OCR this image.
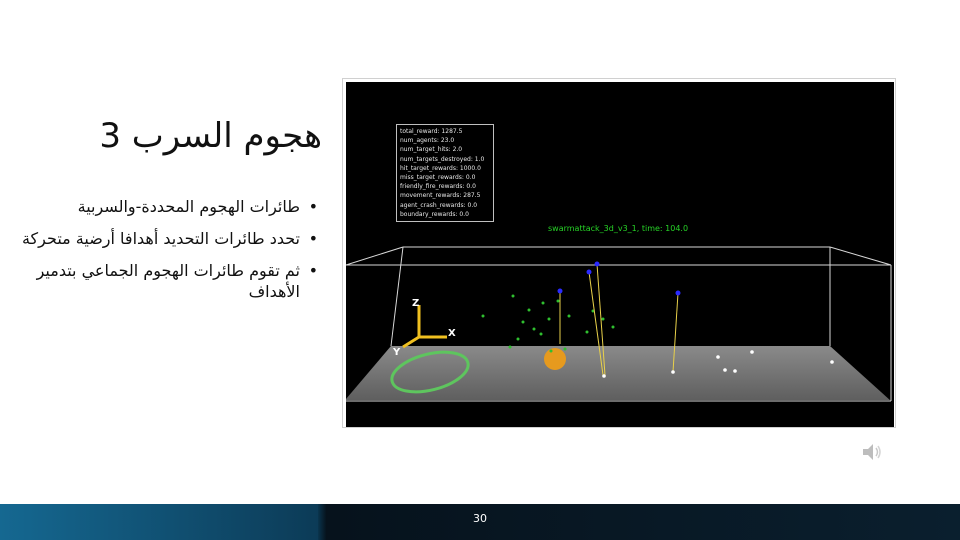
هجوم السرب 3
• طائرات الهجوم المحددة-والسربية
• تحدد طائرات التحديد أهدافا أرضية متحركة
• ثم تقوم طائرات الهجوم الجماعي بتدمير الأهداف
Z
X
Y
total_reward: 1287.5
num_agents: 23.0
num_target_hits: 2.0
num_targets_destroyed: 1.0
hit_target_rewards: 1000.0
miss_target_rewards: 0.0
friendly_fire_rewards: 0.0
movement_rewards: 287.5
agent_crash_rewards: 0.0
boundary_rewards: 0.0
swarmattack_3d_v3_1, time: 104.0
30
